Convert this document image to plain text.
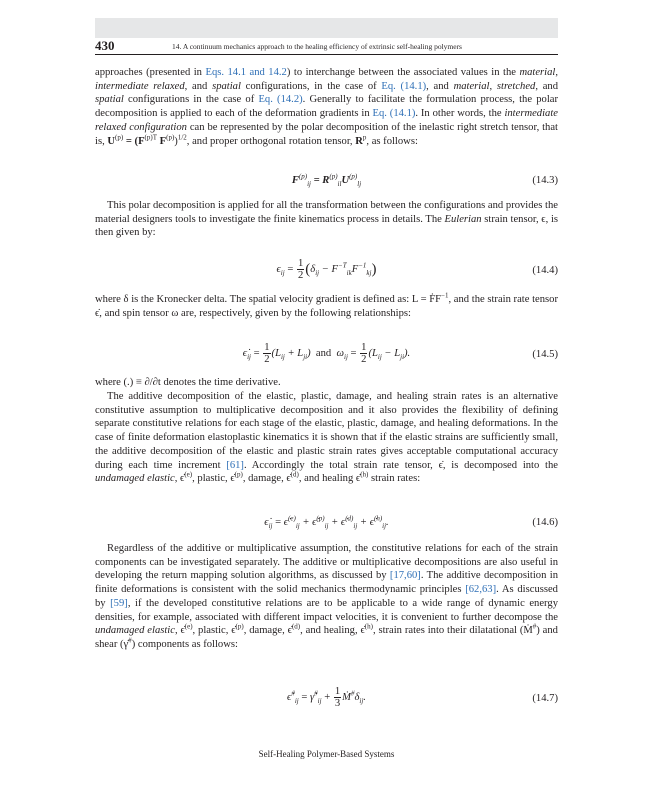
430	14. A continuum mechanics approach to the healing efficiency of extrinsic self-healing polymers
approaches (presented in Eqs. 14.1 and 14.2) to interchange between the associated values in the material, intermediate relaxed, and spatial configurations, in the case of Eq. (14.1), and material, stretched, and spatial configurations in the case of Eq. (14.2). Generally to facilitate the formulation process, the polar decomposition is applied to each of the deformation gradients in Eq. (14.1). In other words, the intermediate relaxed configuration can be represented by the polar decomposition of the inelastic right stretch tensor, that is, $U^{(p)} = (F^{(p)T}$ $F^{(p)})^{1/2}$, and proper orthogonal rotation tensor, $R^p$, as follows:
$F^{(p)}_{ij} = R^{(p)}_{il}U^{(p)}_{lj}$	(14.3)
This polar decomposition is applied for all the transformation between the configurations and provides the material designers tools to investigate the finite kinematics process in details. The Eulerian strain tensor, ϵ, is then given by:
$\epsilon_{ij} = \frac{1}{2} (\delta_{ij} - F^{-T}_{ik}F^{-1}_{kj})$	(14.4)
where δ is the Kronecker delta. The spatial velocity gradient is defined as: L = ḞF$^{-1}$, and the strain rate tensor ϵ̇, and spin tensor ω are, respectively, given by the following relationships:
$\epsiloṅ_{ij} = \frac{1}{2} (L_{ij} + L_{ji})$  and  $\omega_{ij} = \frac{1}{2} (L_{ij} - L_{ji})$.	(14.5)
where (.) ≡ ∂/∂t denotes the time derivative.
The additive decomposition of the elastic, plastic, damage, and healing strain rates is an alternative constitutive assumption to multiplicative decomposition and it also provides the flexibility of defining separate constitutive relations for each stage of the elastic, plastic, damage, and healing deformations. In the case of finite deformation elastoplastic kinematics it is shown that if the elastic strains are sufficiently small, the additive decomposition of the elastic and plastic strain rates gives acceptable computational accuracy during each time increment [61]. Accordingly the total strain rate tensor, ϵ̇, is decomposed into the undamaged elastic, ϵ̇$^{(e)}$, plastic, ϵ̇$^{(p)}$, damage, ϵ̇$^{(d)}$, and healing ϵ̇$^{(h)}$ strain rates:
$\epsiloṅ_{ij}$ = ϵ̇$^{(e)}_{ij}$ + ϵ̇$^{(p)}_{ij}$ + ϵ̇$^{(d)}_{ij}$ + ϵ̇$^{(h)}_{ij}$.	(14.6)
Regardless of the additive or multiplicative assumption, the constitutive relations for each of the strain components can be investigated separately. The additive or multiplicative decompositions are also useful in developing the return mapping solution algorithms, as discussed by [17,60]. The additive decomposition in finite deformations is consistent with the solid mechanics thermodynamic principles [62,63]. As discussed by [59], if the developed constitutive relations are to be applicable to a wide range of dynamic energy densities, for example, associated with different impact velocities, it is convenient to further decompose the undamaged elastic, ϵ̇$^{(e)}$, plastic, ϵ̇$^{(p)}$, damage, ϵ̇$^{(d)}$, and healing, ϵ̇$^{(h)}$, strain rates into their dilatational (Ṁ#) and shear (γ̇#) components as follows:
$\epsiloṅ^{\#}_{ij}$ = $\gammȧ^{\#}_{ij} + \frac{1}{3}$ $Ṁ^{\#}\delta_{ij}$.	(14.7)
Self-Healing Polymer-Based Systems
